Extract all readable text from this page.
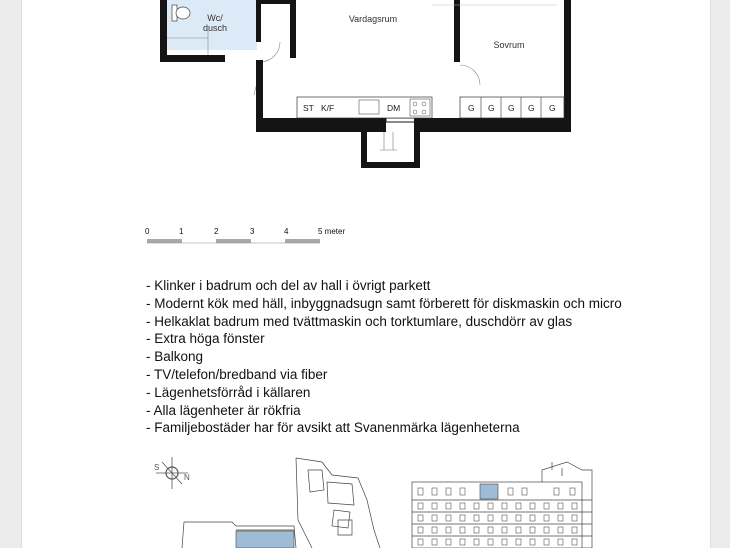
S
N
Wc/
dusch
Vardagsrum
Sovrum
ST K/F	DM	G G G G G
0	1	2	3	4	5 meter
- Klinker i badrum och del av hall i övrigt parkett
- Modernt kök med häll, inbyggnadsugn samt förberett för diskmaskin och micro
- Helkaklat badrum med tvättmaskin och torktumlare, duschdörr av glas
- Extra höga fönster
- Balkong
- TV/telefon/bredband via fiber
- Lägenhetsförråd i källaren
- Alla lägenheter är rökfria
- Familjebostäder har för avsikt att Svanenmärka lägenheterna
